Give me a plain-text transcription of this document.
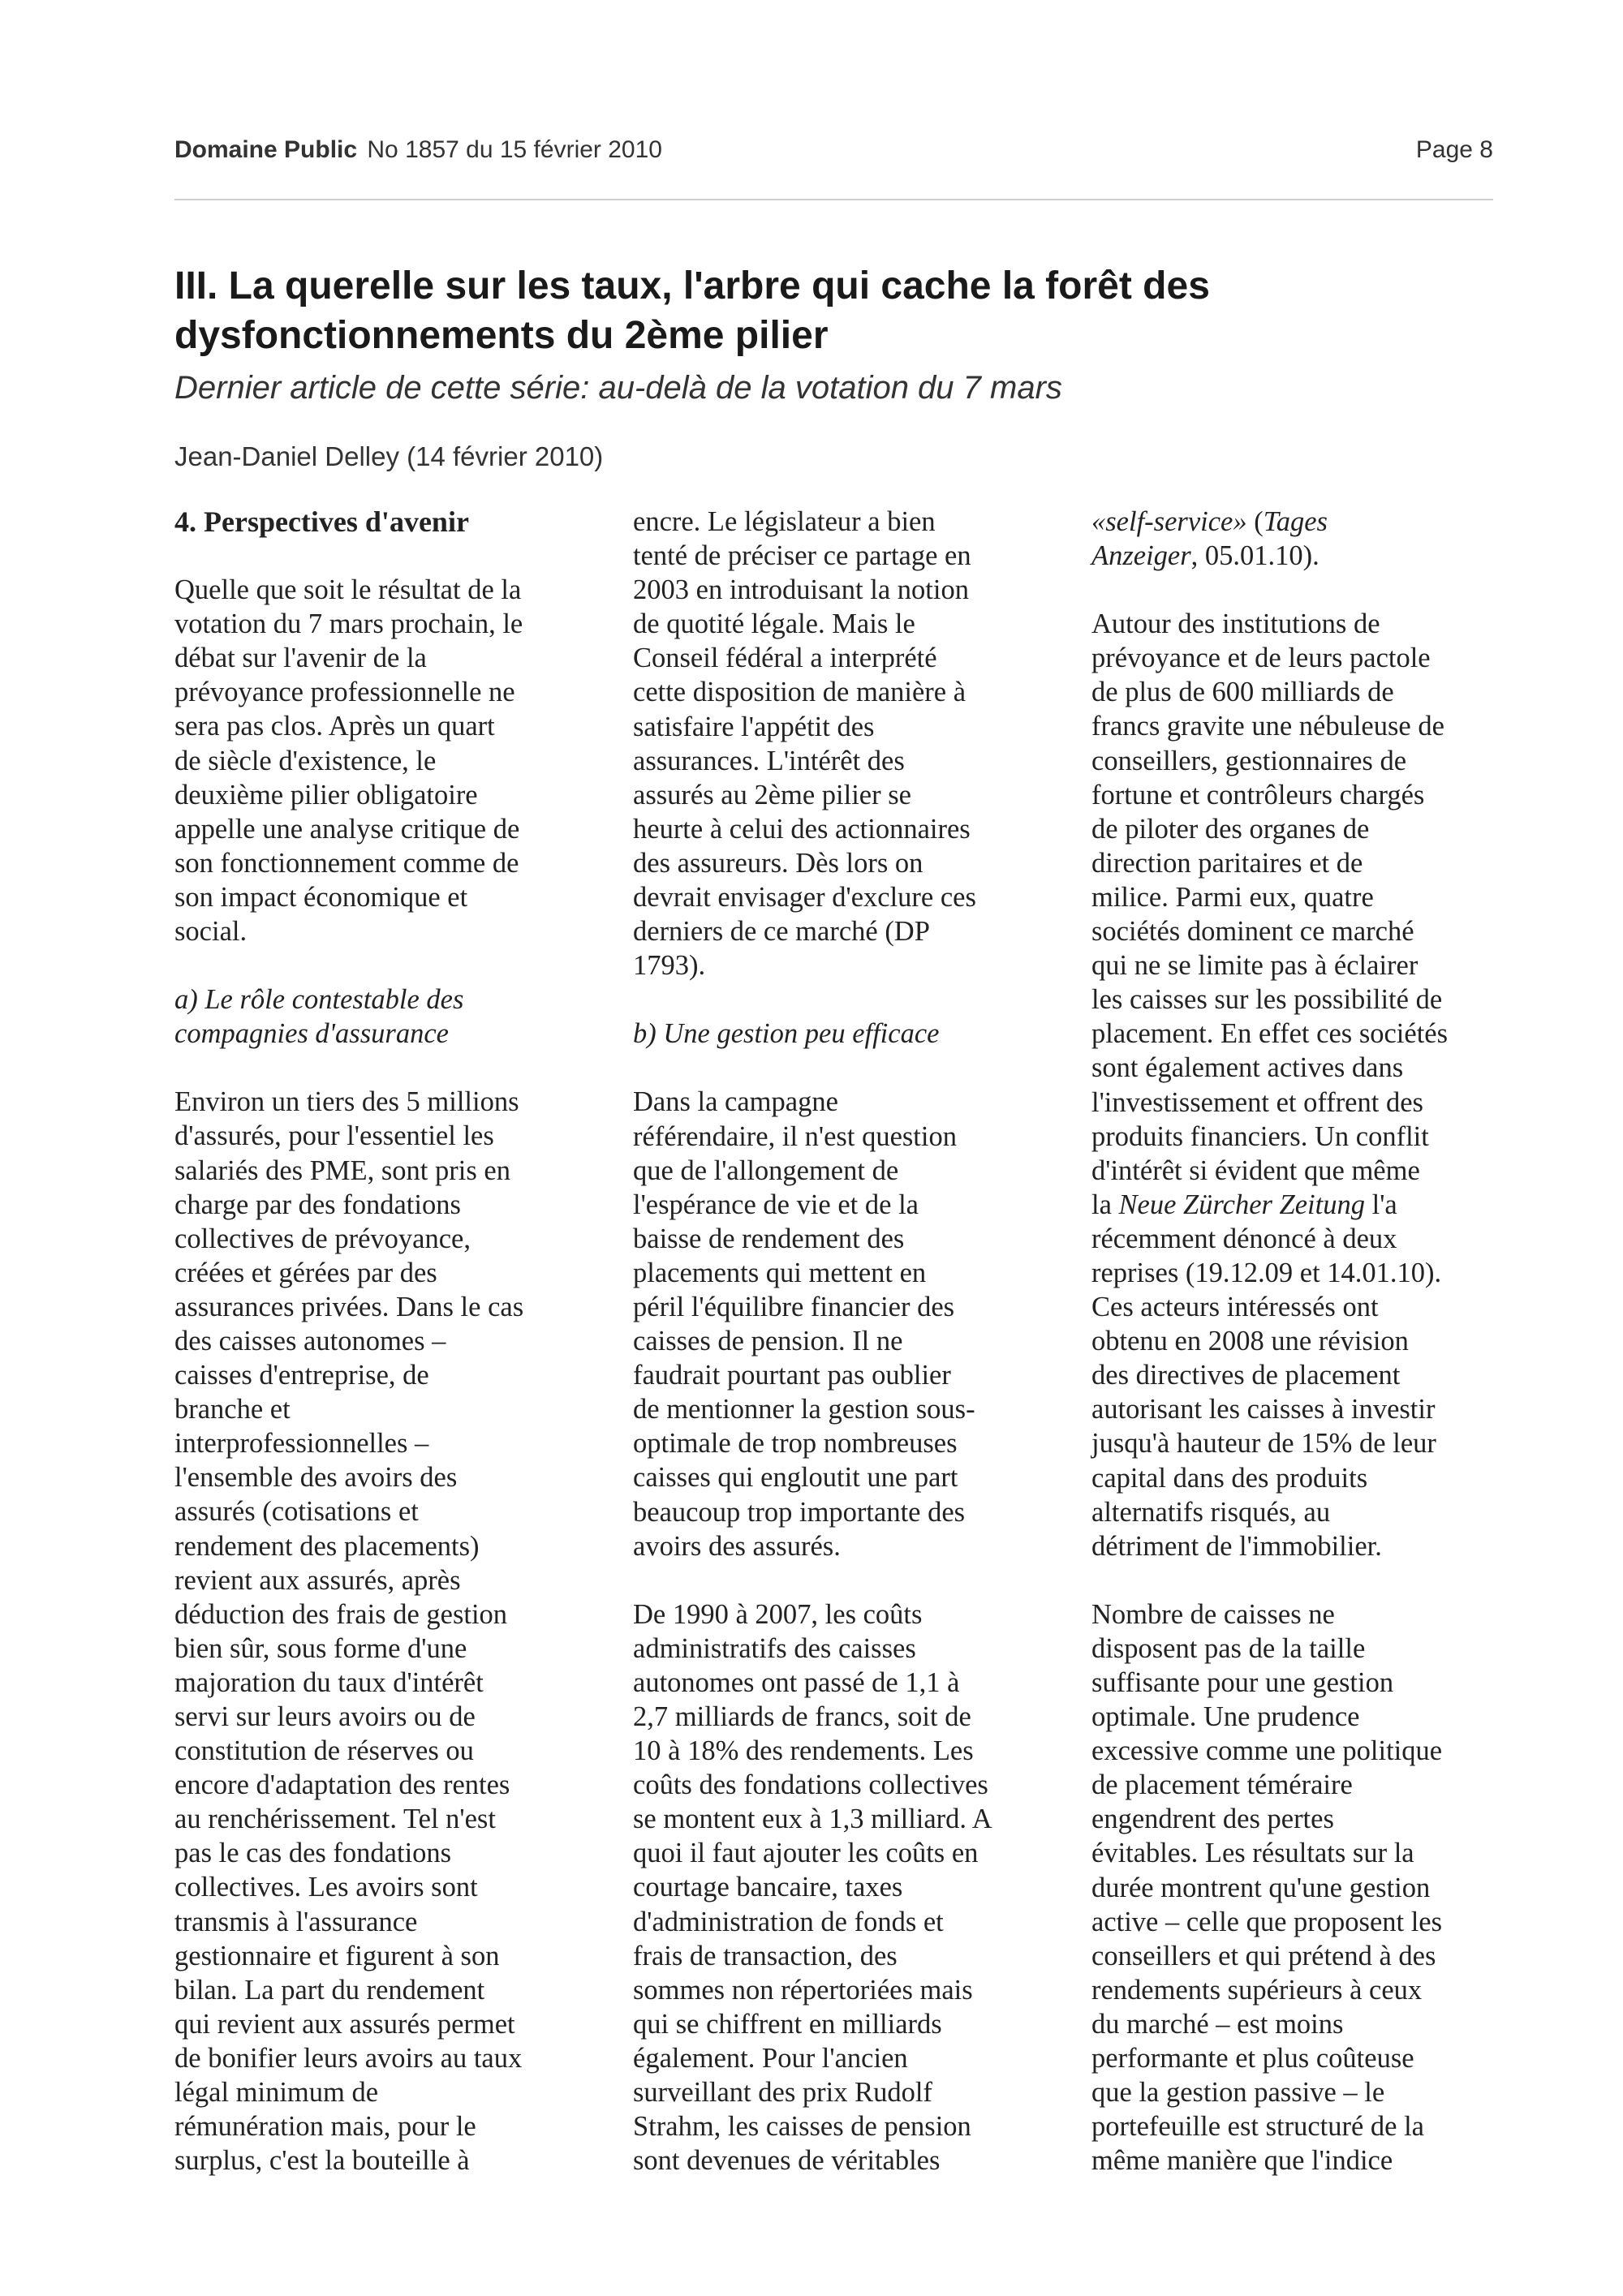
Domaine Public No 1857 du 15 février 2010	Page 8
III. La querelle sur les taux, l'arbre qui cache la forêt des
dysfonctionnements du 2ème pilier

Dernier article de cette série: au-delà de la votation du 7 mars

Jean-Daniel Delley (14 février 2010)

4. Perspectives d'avenir

Quelle que soit le résultat de la
votation du 7 mars prochain, le
débat sur l'avenir de la
prévoyance professionnelle ne
sera pas clos. Après un quart
de siècle d'existence, le
deuxième pilier obligatoire
appelle une analyse critique de
son fonctionnement comme de
son impact économique et
social.

a) Le rôle contestable des
compagnies d'assurance

Environ un tiers des 5 millions
d'assurés, pour l'essentiel les
salariés des PME, sont pris en
charge par des fondations
collectives de prévoyance,
créées et gérées par des
assurances privées. Dans le cas
des caisses autonomes –
caisses d'entreprise, de
branche et
interprofessionnelles –
l'ensemble des avoirs des
assurés (cotisations et
rendement des placements)
revient aux assurés, après
déduction des frais de gestion
bien sûr, sous forme d'une
majoration du taux d'intérêt
servi sur leurs avoirs ou de
constitution de réserves ou
encore d'adaptation des rentes
au renchérissement. Tel n'est
pas le cas des fondations
collectives. Les avoirs sont
transmis à l'assurance
gestionnaire et figurent à son
bilan. La part du rendement
qui revient aux assurés permet
de bonifier leurs avoirs au taux
légal minimum de
rémunération mais, pour le
surplus, c'est la bouteille à

encre. Le législateur a bien
tenté de préciser ce partage en
2003 en introduisant la notion
de quotité légale. Mais le
Conseil fédéral a interprété
cette disposition de manière à
satisfaire l'appétit des
assurances. L'intérêt des
assurés au 2ème pilier se
heurte à celui des actionnaires
des assureurs. Dès lors on
devrait envisager d'exclure ces
derniers de ce marché (DP
1793).

b) Une gestion peu efficace

Dans la campagne
référendaire, il n'est question
que de l'allongement de
l'espérance de vie et de la
baisse de rendement des
placements qui mettent en
péril l'équilibre financier des
caisses de pension. Il ne
faudrait pourtant pas oublier
de mentionner la gestion sous-
optimale de trop nombreuses
caisses qui engloutit une part
beaucoup trop importante des
avoirs des assurés.

De 1990 à 2007, les coûts
administratifs des caisses
autonomes ont passé de 1,1 à
2,7 milliards de francs, soit de
10 à 18% des rendements. Les
coûts des fondations collectives
se montent eux à 1,3 milliard. A
quoi il faut ajouter les coûts en
courtage bancaire, taxes
d'administration de fonds et
frais de transaction, des
sommes non répertoriées mais
qui se chiffrent en milliards
également. Pour l'ancien
surveillant des prix Rudolf
Strahm, les caisses de pension
sont devenues de véritables

«self-service» (Tages
Anzeiger, 05.01.10).

Autour des institutions de
prévoyance et de leurs pactole
de plus de 600 milliards de
francs gravite une nébuleuse de
conseillers, gestionnaires de
fortune et contrôleurs chargés
de piloter des organes de
direction paritaires et de
milice. Parmi eux, quatre
sociétés dominent ce marché
qui ne se limite pas à éclairer
les caisses sur les possibilité de
placement. En effet ces sociétés
sont également actives dans
l'investissement et offrent des
produits financiers. Un conflit
d'intérêt si évident que même
la Neue Zürcher Zeitung l'a
récemment dénoncé à deux
reprises (19.12.09 et 14.01.10).
Ces acteurs intéressés ont
obtenu en 2008 une révision
des directives de placement
autorisant les caisses à investir
jusqu'à hauteur de 15% de leur
capital dans des produits
alternatifs risqués, au
détriment de l'immobilier.

Nombre de caisses ne
disposent pas de la taille
suffisante pour une gestion
optimale. Une prudence
excessive comme une politique
de placement téméraire
engendrent des pertes
évitables. Les résultats sur la
durée montrent qu'une gestion
active – celle que proposent les
conseillers et qui prétend à des
rendements supérieurs à ceux
du marché – est moins
performante et plus coûteuse
que la gestion passive – le
portefeuille est structuré de la
même manière que l'indice
